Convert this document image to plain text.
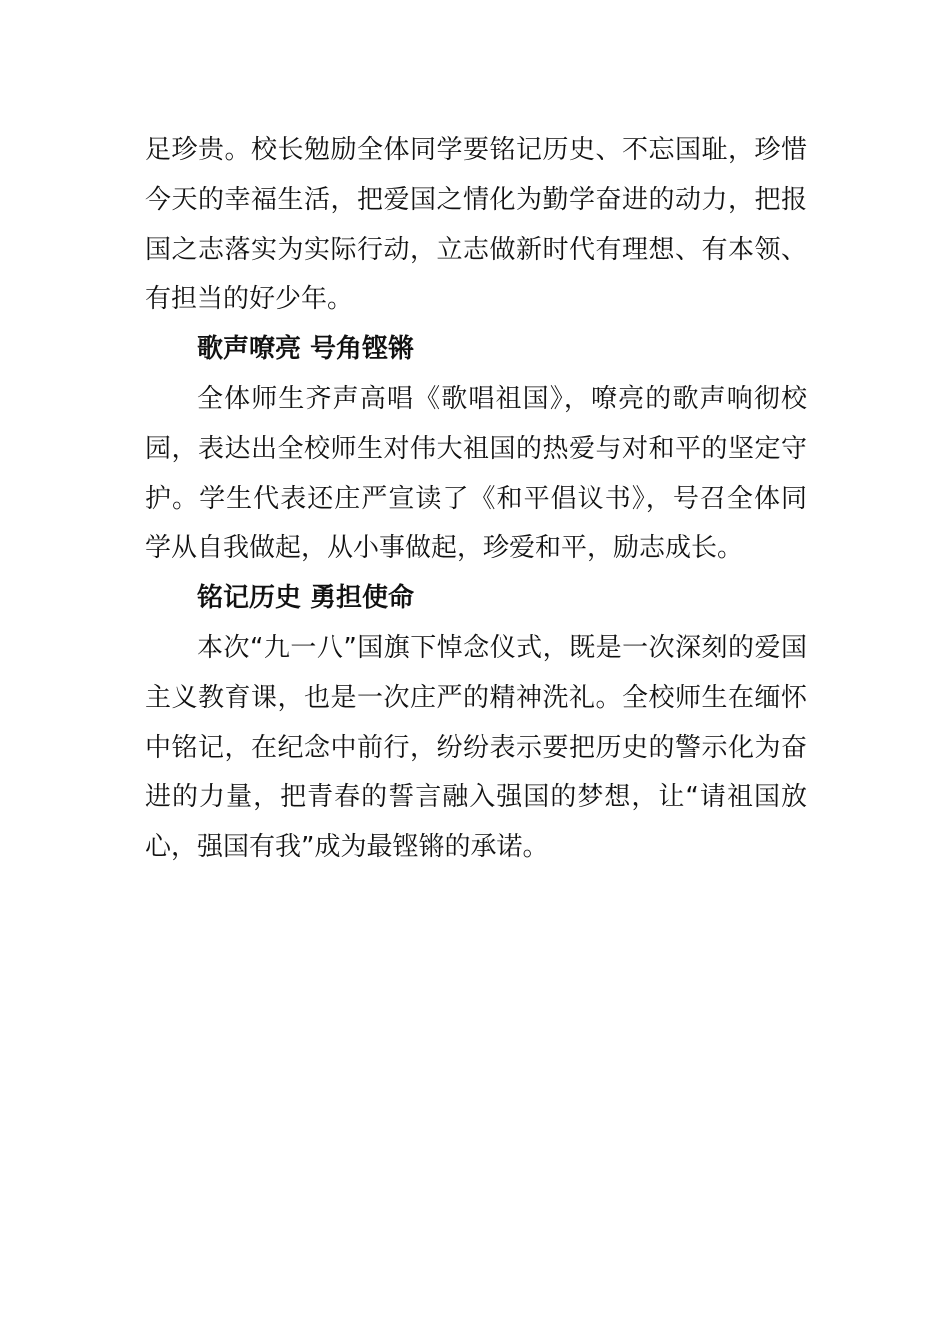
足珍贵。校长勉励全体同学要铭记历史、不忘国耻，珍惜今天的幸福生活，把爱国之情化为勤学奋进的动力，把报国之志落实为实际行动，立志做新时代有理想、有本领、有担当的好少年。

歌声嘹亮 号角铿锵

全体师生齐声高唱《歌唱祖国》，嘹亮的歌声响彻校园，表达出全校师生对伟大祖国的热爱与对和平的坚定守护。学生代表还庄严宣读了《和平倡议书》，号召全体同学从自我做起，从小事做起，珍爱和平，励志成长。

铭记历史 勇担使命

本次“九一八”国旗下悼念仪式，既是一次深刻的爱国主义教育课，也是一次庄严的精神洗礼。全校师生在缅怀中铭记，在纪念中前行，纷纷表示要把历史的警示化为奋进的力量，把青春的誓言融入强国的梦想，让“请祖国放心，强国有我”成为最铿锵的承诺。
